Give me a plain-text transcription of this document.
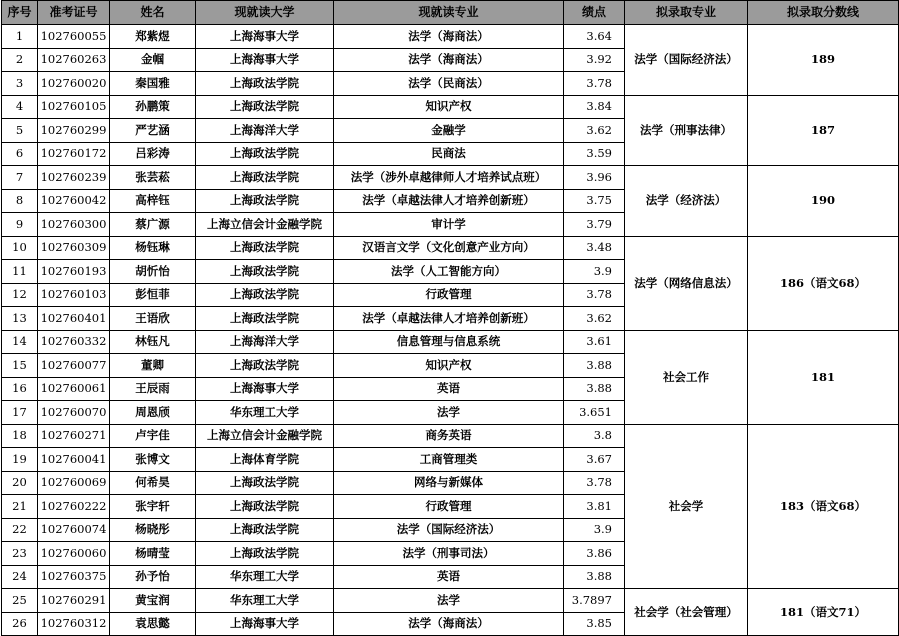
序号	准考证号	姓名	现就读大学	现就读专业	绩点	拟录取专业	拟录取分数线
1	102760055	郑紫煜	上海海事大学	法学（海商法）	3.64	法学（国际经济法）	189
2	102760263	金帼	上海海事大学	法学（海商法）	3.92		
3	102760020	秦国雅	上海政法学院	法学（民商法）	3.78		
4	102760105	孙鹏策	上海政法学院	知识产权	3.84	法学（刑事法律）	187
5	102760299	严艺涵	上海海洋大学	金融学	3.62		
6	102760172	吕彩涛	上海政法学院	民商法	3.59		
7	102760239	张芸菘	上海政法学院	法学（涉外卓越律师人才培养试点班）	3.96	法学（经济法）	190
8	102760042	高梓钰	上海政法学院	法学（卓越法律人才培养创新班）	3.75		
9	102760300	蔡广源	上海立信会计金融学院	审计学	3.79		
10	102760309	杨钰琳	上海政法学院	汉语言文学（文化创意产业方向）	3.48	法学（网络信息法）	186（语文68）
11	102760193	胡忻怡	上海政法学院	法学（人工智能方向）	3.9		
12	102760103	彭恒菲	上海政法学院	行政管理	3.78		
13	102760401	王语欣	上海政法学院	法学（卓越法律人才培养创新班）	3.62		
14	102760332	林钰凡	上海海洋大学	信息管理与信息系统	3.61	社会工作	181
15	102760077	董卿	上海政法学院	知识产权	3.88		
16	102760061	王辰雨	上海海事大学	英语	3.88		
17	102760070	周恩颀	华东理工大学	法学	3.651		
18	102760271	卢宇佳	上海立信会计金融学院	商务英语	3.8	社会学	183（语文68）
19	102760041	张博文	上海体育学院	工商管理类	3.67		
20	102760069	何希昊	上海政法学院	网络与新媒体	3.78		
21	102760222	张宇轩	上海政法学院	行政管理	3.81		
22	102760074	杨晓彤	上海政法学院	法学（国际经济法）	3.9		
23	102760060	杨晴莹	上海政法学院	法学（刑事司法）	3.86		
24	102760375	孙予怡	华东理工大学	英语	3.88		
25	102760291	黄宝润	华东理工大学	法学	3.7897	社会学（社会管理）	181（语文71）
26	102760312	袁思懿	上海海事大学	法学（海商法）	3.85		
